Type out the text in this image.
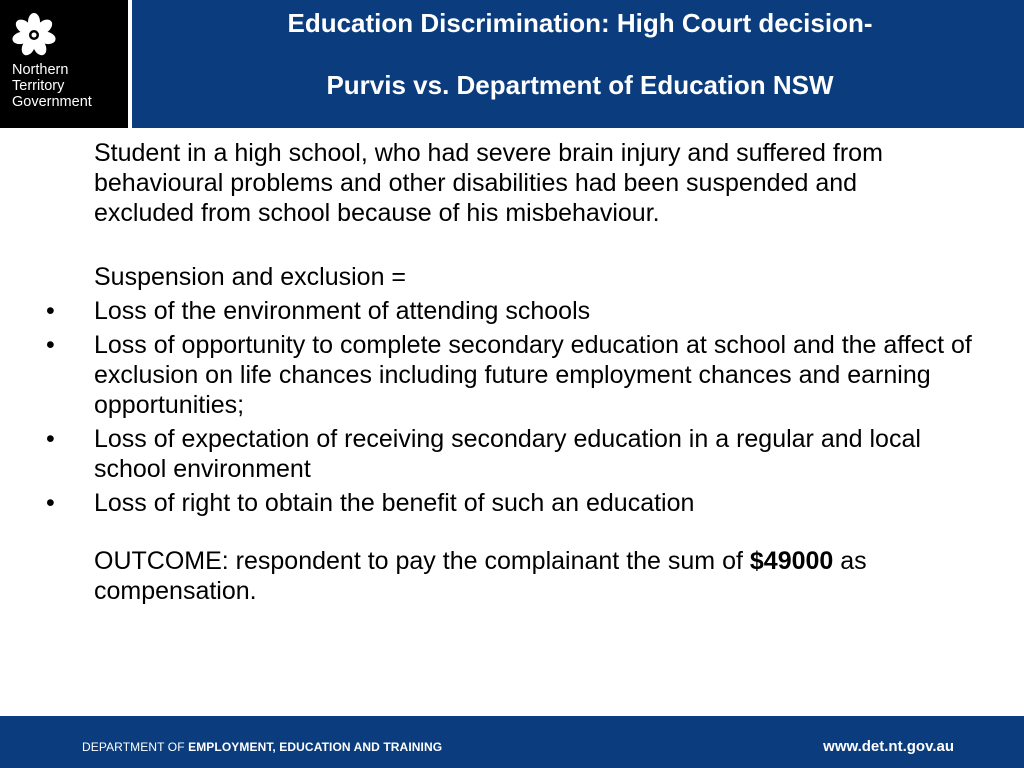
Northern
Territory
Government
Education Discrimination: High Court decision-
Purvis vs. Department of Education NSW

Student in a high school, who had severe brain injury and suffered from behavioural problems and other disabilities had been suspended and excluded from school because of his misbehaviour.

Suspension and exclusion =

• Loss of the environment of attending schools
• Loss of opportunity to complete secondary education at school and the affect of exclusion on life chances including future employment chances and earning opportunities;
• Loss of expectation of receiving secondary education in a regular and local school environment
• Loss of right to obtain the benefit of such an education

OUTCOME: respondent to pay the complainant the sum of $49000 as compensation.

DEPARTMENT OF EMPLOYMENT, EDUCATION AND TRAINING	www.det.nt.gov.au
